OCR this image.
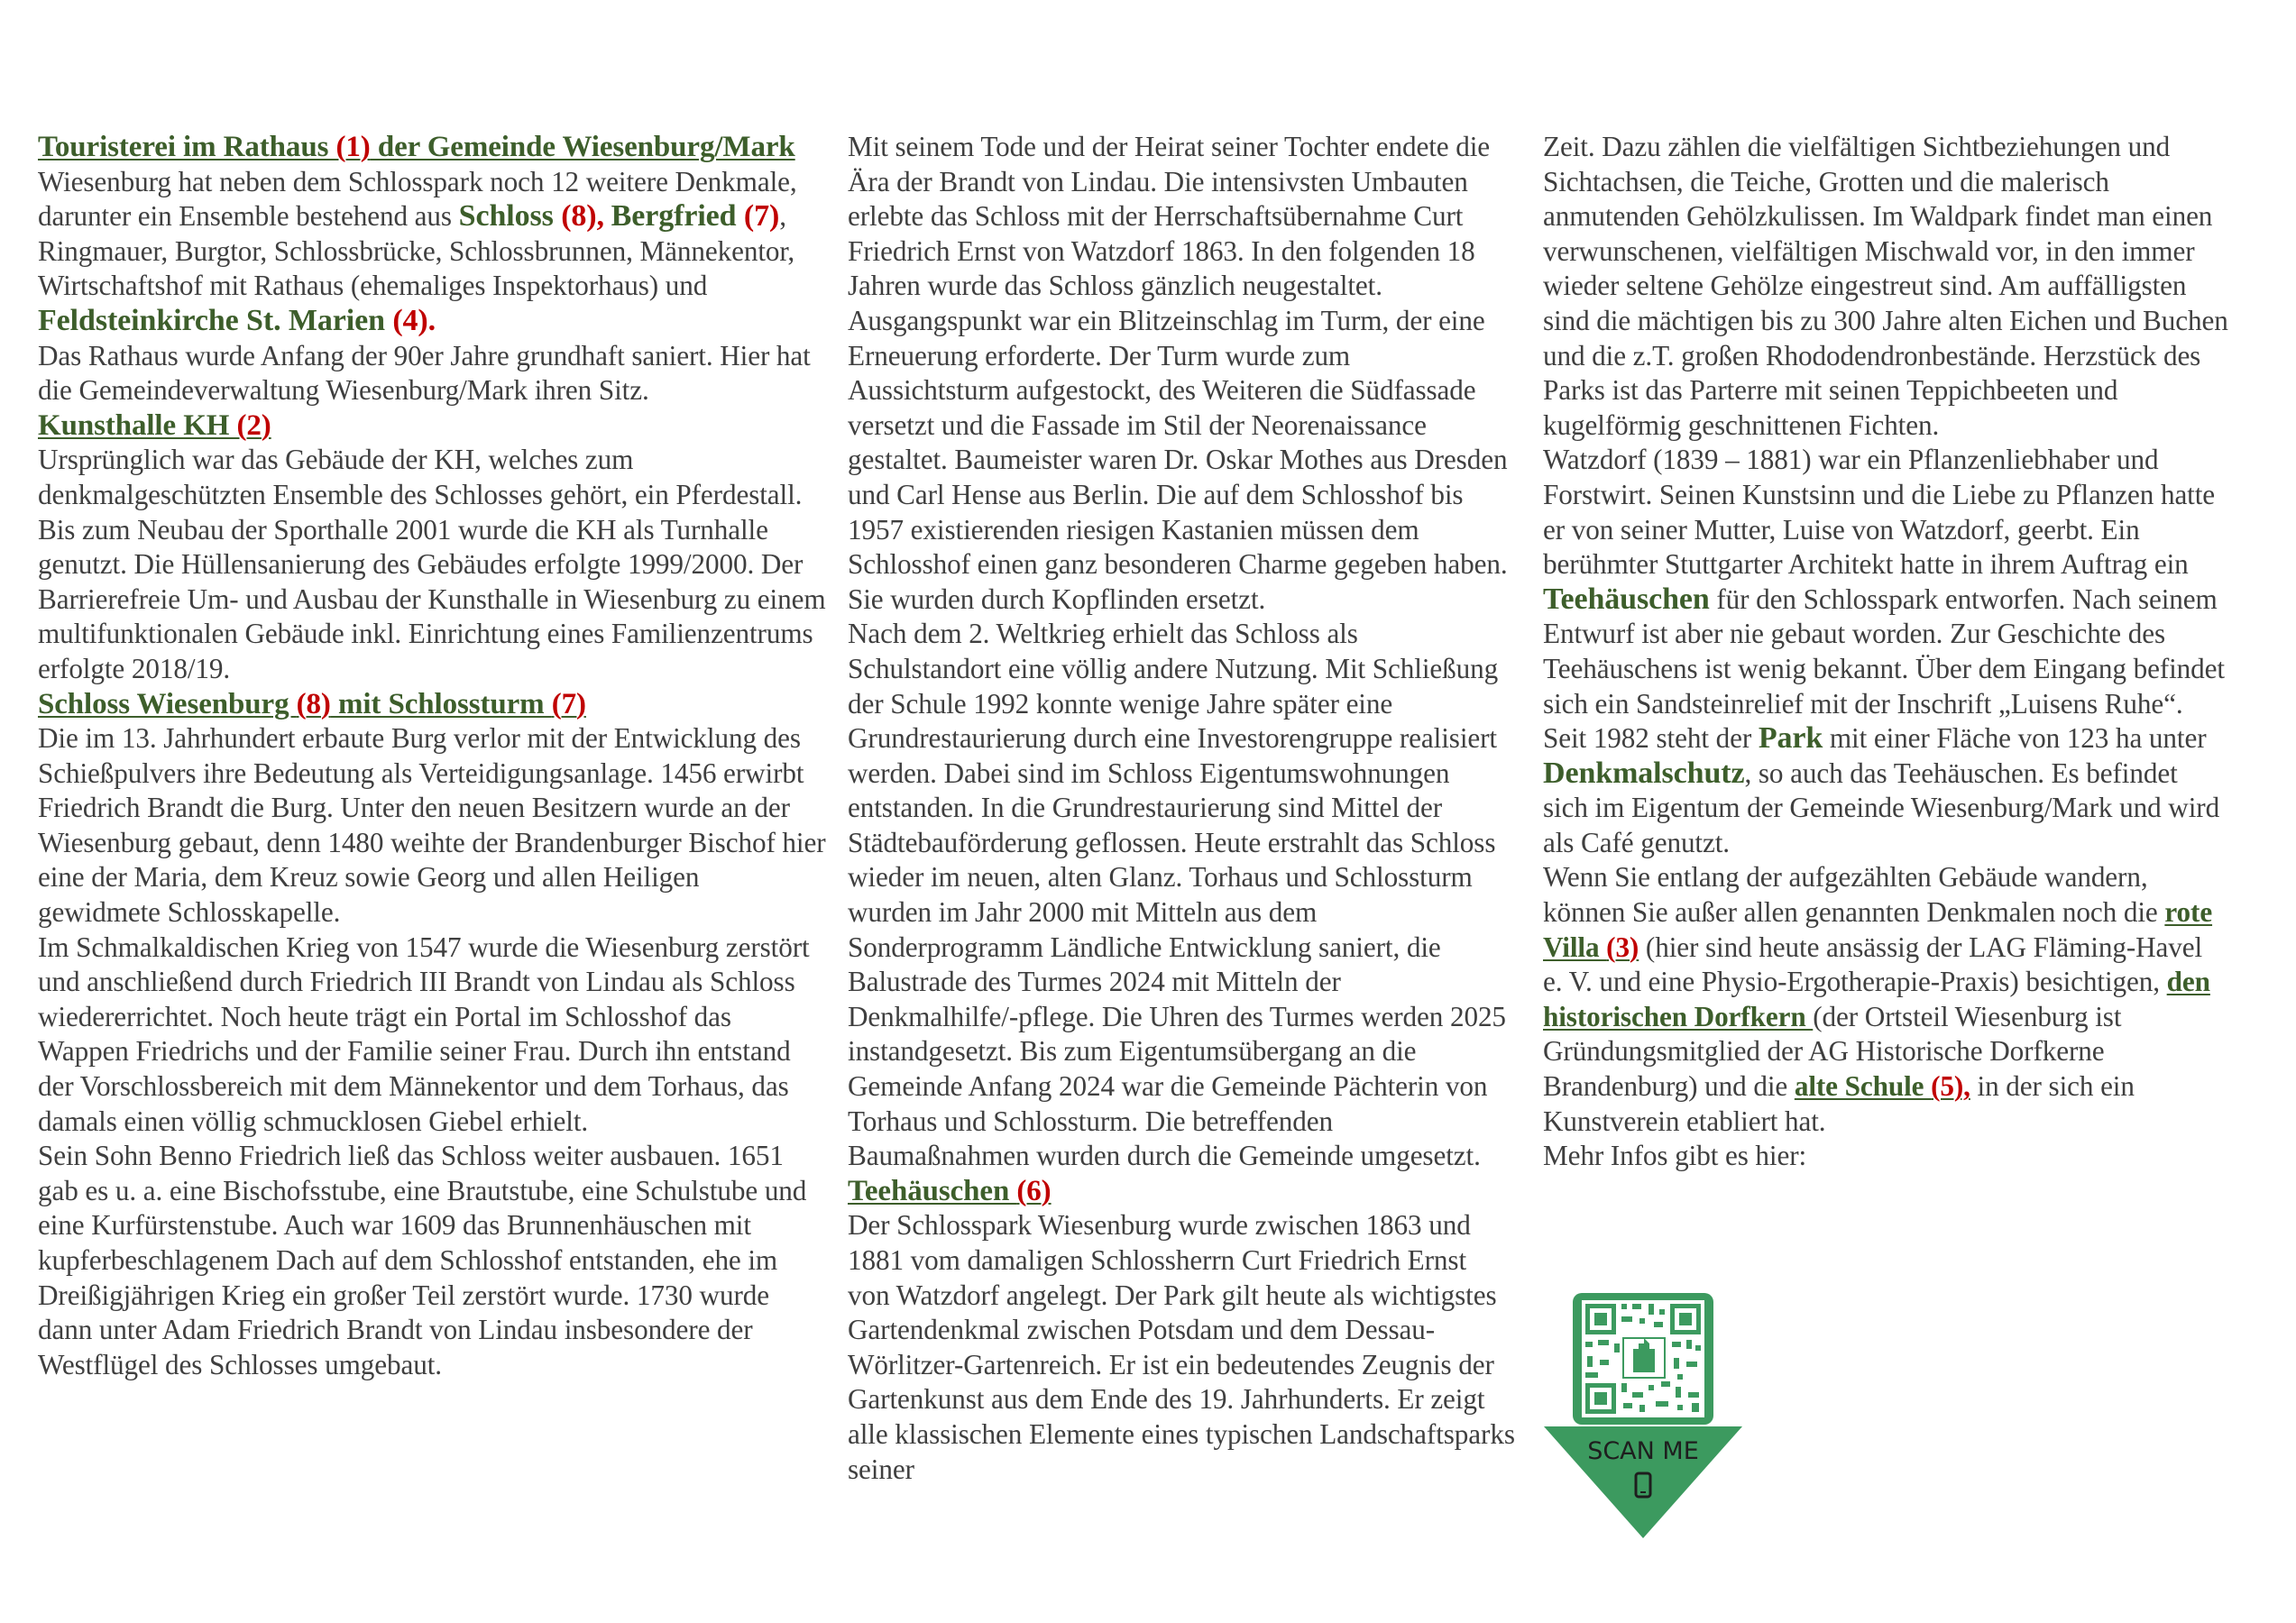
Touristerei im Rathaus (1) der Gemeinde Wiesenburg/Mark

Wiesenburg hat neben dem Schlosspark noch 12 weitere Denkmale, darunter ein Ensemble bestehend aus Schloss (8), Bergfried (7), Ringmauer, Burgtor, Schlossbrücke, Schlossbrunnen, Männekentor, Wirtschaftshof mit Rathaus (ehemaliges Inspektorhaus) und Feldsteinkirche St. Marien (4).

Das Rathaus wurde Anfang der 90er Jahre grundhaft saniert. Hier hat die Gemeindeverwaltung Wiesenburg/Mark ihren Sitz.

Kunsthalle KH (2)

Ursprünglich war das Gebäude der KH, welches zum denkmalgeschützten Ensemble des Schlosses gehört, ein Pferdestall. Bis zum Neubau der Sporthalle 2001 wurde die KH als Turnhalle genutzt. Die Hüllensanierung des Gebäudes erfolgte 1999/2000. Der Barrierefreie Um- und Ausbau der Kunsthalle in Wiesenburg zu einem multifunktionalen Gebäude inkl. Einrichtung eines Familienzentrums erfolgte 2018/19.

Schloss Wiesenburg (8) mit Schlossturm (7)

Die im 13. Jahrhundert erbaute Burg verlor mit der Entwicklung des Schießpulvers ihre Bedeutung als Verteidigungsanlage. 1456 erwirbt Friedrich Brandt die Burg. Unter den neuen Besitzern wurde an der Wiesenburg gebaut, denn 1480 weihte der Brandenburger Bischof hier eine der Maria, dem Kreuz sowie Georg und allen Heiligen gewidmete Schlosskapelle.

Im Schmalkaldischen Krieg von 1547 wurde die Wiesenburg zerstört und anschließend durch Friedrich III Brandt von Lindau als Schloss wiedererrichtet. Noch heute trägt ein Portal im Schlosshof das Wappen Friedrichs und der Familie seiner Frau. Durch ihn entstand der Vorschlossbereich mit dem Männekentor und dem Torhaus, das damals einen völlig schmucklosen Giebel erhielt.

Sein Sohn Benno Friedrich ließ das Schloss weiter ausbauen. 1651 gab es u. a. eine Bischofsstube, eine Brautstube, eine Schulstube und eine Kurfürstenstube. Auch war 1609 das Brunnenhäuschen mit kupferbeschlagenem Dach auf dem Schlosshof entstanden, ehe im Dreißigjährigen Krieg ein großer Teil zerstört wurde. 1730 wurde dann unter Adam Friedrich Brandt von Lindau insbesondere der Westflügel des Schlosses umgebaut.

Mit seinem Tode und der Heirat seiner Tochter endete die Ära der Brandt von Lindau. Die intensivsten Umbauten erlebte das Schloss mit der Herrschaftsübernahme Curt Friedrich Ernst von Watzdorf 1863. In den folgenden 18 Jahren wurde das Schloss gänzlich neugestaltet. Ausgangspunkt war ein Blitzeinschlag im Turm, der eine Erneuerung erforderte. Der Turm wurde zum Aussichtsturm aufgestockt, des Weiteren die Südfassade versetzt und die Fassade im Stil der Neorenaissance gestaltet. Baumeister waren Dr. Oskar Mothes aus Dresden und Carl Hense aus Berlin. Die auf dem Schlosshof bis 1957 existierenden riesigen Kastanien müssen dem Schlosshof einen ganz besonderen Charme gegeben haben. Sie wurden durch Kopflinden ersetzt.

Nach dem 2. Weltkrieg erhielt das Schloss als Schulstandort eine völlig andere Nutzung. Mit Schließung der Schule 1992 konnte wenige Jahre später eine Grundrestaurierung durch eine Investorengruppe realisiert werden. Dabei sind im Schloss Eigentumswohnungen entstanden. In die Grundrestaurierung sind Mittel der Städtebauförderung geflossen. Heute erstrahlt das Schloss wieder im neuen, alten Glanz. Torhaus und Schlossturm wurden im Jahr 2000 mit Mitteln aus dem Sonderprogramm Ländliche Entwicklung saniert, die Balustrade des Turmes 2024 mit Mitteln der Denkmalhilfe/-pflege. Die Uhren des Turmes werden 2025 instandgesetzt. Bis zum Eigentumsübergang an die Gemeinde Anfang 2024 war die Gemeinde Pächterin von Torhaus und Schlossturm. Die betreffenden Baumaßnahmen wurden durch die Gemeinde umgesetzt.

Teehäuschen (6)

Der Schlosspark Wiesenburg wurde zwischen 1863 und 1881 vom damaligen Schlossherrn Curt Friedrich Ernst von Watzdorf angelegt. Der Park gilt heute als wichtigstes Gartendenkmal zwischen Potsdam und dem Dessau-Wörlitzer-Gartenreich. Er ist ein bedeutendes Zeugnis der Gartenkunst aus dem Ende des 19. Jahrhunderts. Er zeigt alle klassischen Elemente eines typischen Landschaftsparks seiner

Zeit. Dazu zählen die vielfältigen Sichtbeziehungen und Sichtachsen, die Teiche, Grotten und die malerisch anmutenden Gehölzkulissen. Im Waldpark findet man einen verwunschenen, vielfältigen Mischwald vor, in den immer wieder seltene Gehölze eingestreut sind. Am auffälligsten sind die mächtigen bis zu 300 Jahre alten Eichen und Buchen und die z.T. großen Rhododendronbestände. Herzstück des Parks ist das Parterre mit seinen Teppichbeeten und kugelförmig geschnittenen Fichten.

Watzdorf (1839 – 1881) war ein Pflanzenliebhaber und Forstwirt. Seinen Kunstsinn und die Liebe zu Pflanzen hatte er von seiner Mutter, Luise von Watzdorf, geerbt. Ein berühmter Stuttgarter Architekt hatte in ihrem Auftrag ein Teehäuschen für den Schlosspark entworfen. Nach seinem Entwurf ist aber nie gebaut worden. Zur Geschichte des Teehäuschens ist wenig bekannt. Über dem Eingang befindet sich ein Sandsteinrelief mit der Inschrift „Luisens Ruhe“.

Seit 1982 steht der Park mit einer Fläche von 123 ha unter Denkmalschutz, so auch das Teehäuschen. Es befindet sich im Eigentum der Gemeinde Wiesenburg/Mark und wird als Café genutzt.

Wenn Sie entlang der aufgezählten Gebäude wandern, können Sie außer allen genannten Denkmalen noch die rote Villa (3) (hier sind heute ansässig der LAG Fläming-Havel e. V. und eine Physio-Ergotherapie-Praxis) besichtigen, den historischen Dorfkern (der Ortsteil Wiesenburg ist Gründungsmitglied der AG Historische Dorfkerne Brandenburg) und die alte Schule (5), in der sich ein Kunstverein etabliert hat.

Mehr Infos gibt es hier:

SCAN ME
